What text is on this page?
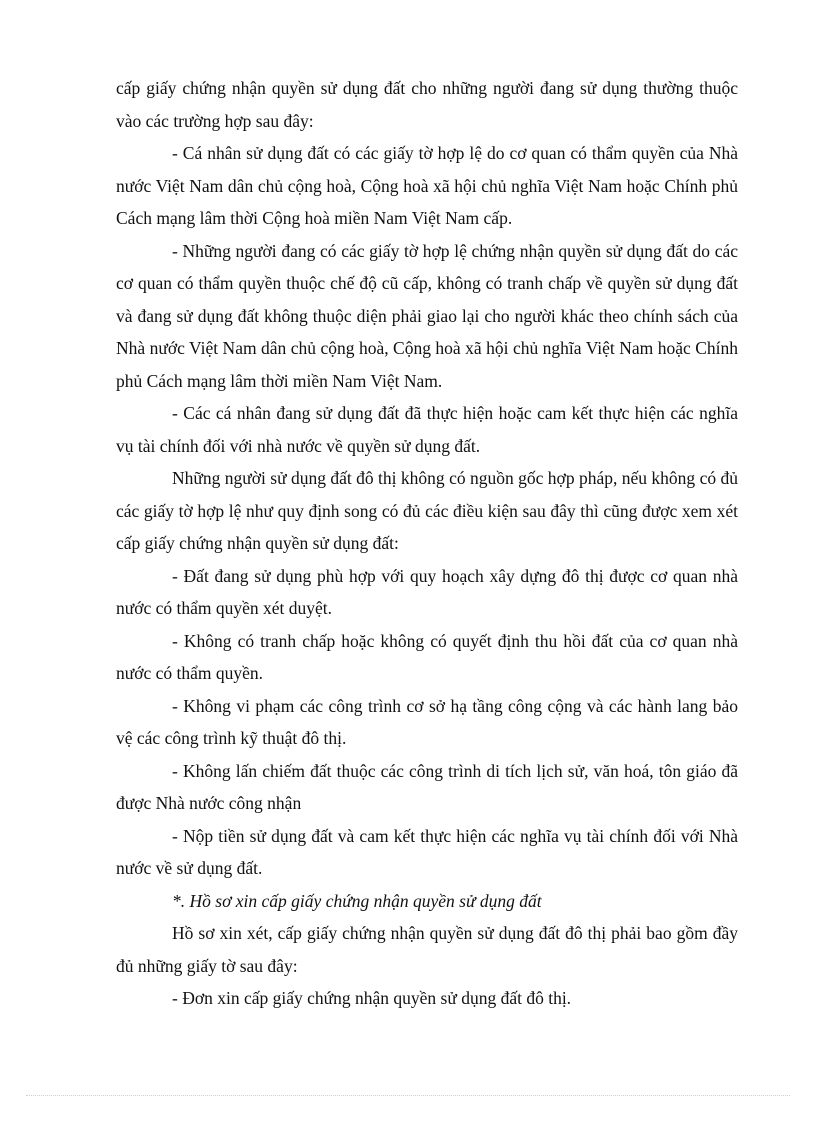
cấp giấy chứng nhận quyền sử dụng đất cho những người đang sử dụng thường thuộc vào các trường hợp sau đây:

- Cá nhân sử dụng đất có các giấy tờ hợp lệ do cơ quan có thẩm quyền của Nhà nước Việt Nam dân chủ cộng hoà, Cộng hoà xã hội chủ nghĩa Việt Nam hoặc Chính phủ Cách mạng lâm thời Cộng hoà miền Nam Việt Nam cấp.

- Những người đang có các giấy tờ hợp lệ chứng nhận quyền sử dụng đất do các cơ quan có thẩm quyền thuộc chế độ cũ cấp, không có tranh chấp về quyền sử dụng đất và đang sử dụng đất không thuộc diện phải giao lại cho người khác theo chính sách của Nhà nước Việt Nam dân chủ cộng hoà, Cộng hoà xã hội chủ nghĩa Việt Nam hoặc Chính phủ Cách mạng lâm thời miền Nam Việt Nam.

- Các cá nhân đang sử dụng đất đã thực hiện hoặc cam kết thực hiện các nghĩa vụ tài chính đối với nhà nước về quyền sử dụng đất.

Những người sử dụng đất đô thị không có nguồn gốc hợp pháp, nếu không có đủ các giấy tờ hợp lệ như quy định song có đủ các điều kiện sau đây thì cũng được xem xét cấp giấy chứng nhận quyền sử dụng đất:

- Đất đang sử dụng phù hợp với quy hoạch xây dựng đô thị được cơ quan nhà nước có thẩm quyền xét duyệt.

- Không có tranh chấp hoặc không có quyết định thu hồi đất của cơ quan nhà nước có thẩm quyền.

- Không vi phạm các công trình cơ sở hạ tầng công cộng và các hành lang bảo vệ các công trình kỹ thuật đô thị.

- Không lấn chiếm đất thuộc các công trình di tích lịch sử, văn hoá, tôn giáo đã được Nhà nước công nhận

- Nộp tiền sử dụng đất và cam kết thực hiện các nghĩa vụ tài chính đối với Nhà nước về sử dụng đất.

*. Hồ sơ xin cấp giấy chứng nhận quyền sử dụng đất

Hồ sơ xin xét, cấp giấy chứng nhận quyền sử dụng đất đô thị phải bao gồm đầy đủ những giấy tờ sau đây:

- Đơn xin cấp giấy chứng nhận quyền sử dụng đất đô thị.
